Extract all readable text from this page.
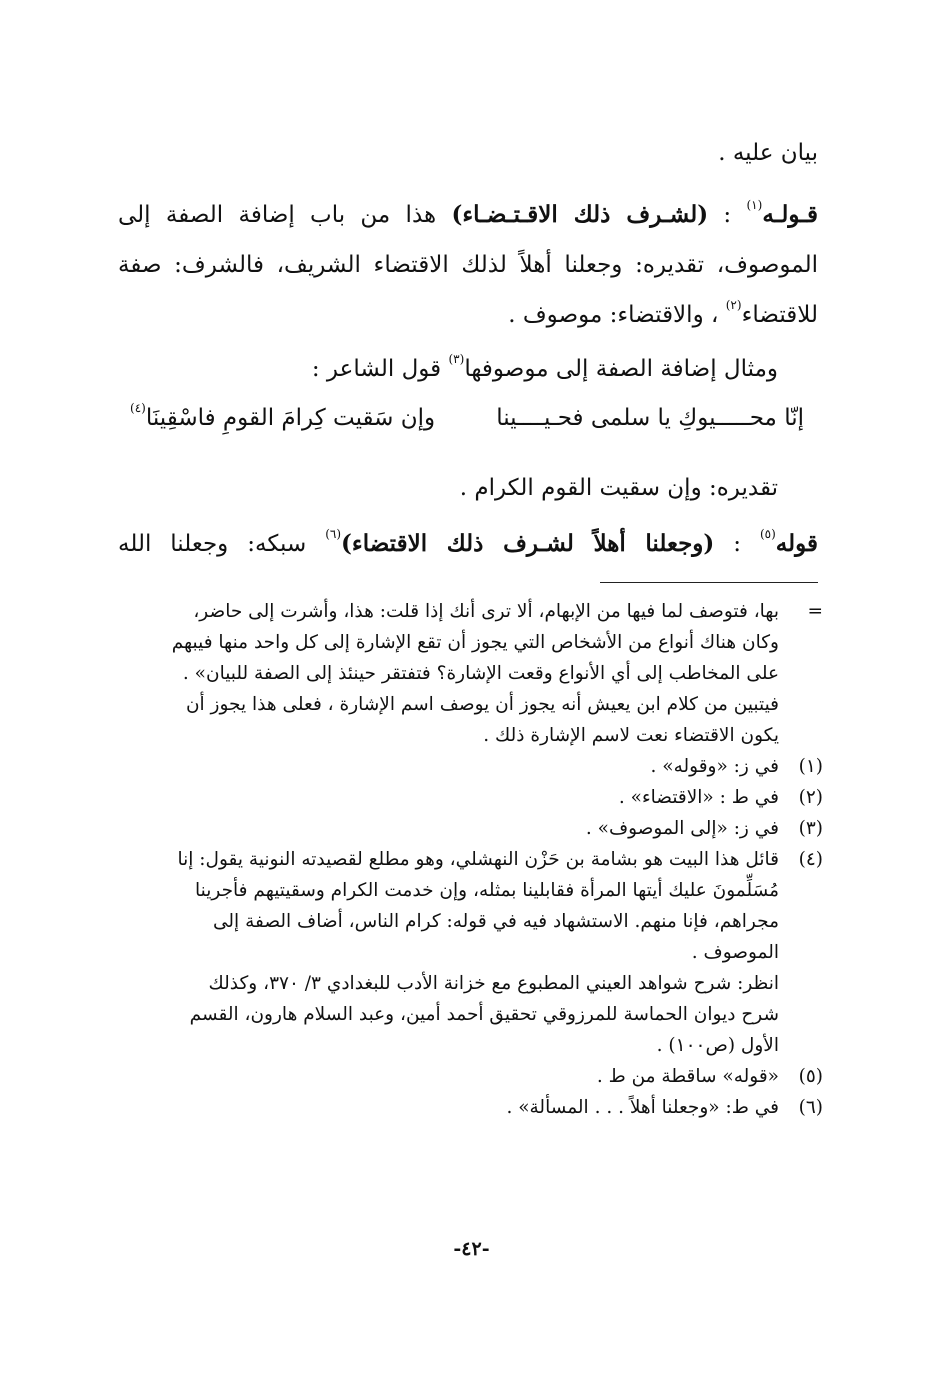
بيان عليه .
قـولـه$^{(١)}$ : (لشـرف ذلك الاقـتـضـاء) هذا من باب إضافة الصفة إلى
الموصوف، تقديره: وجعلنا أهلاً لذلك الاقتضاء الشريف، فالشرف: صفة
للاقتضاء$^{(٢)}$ ، والاقتضاء: موصوف .
ومثال إضافة الصفة إلى موصوفها$^{(٣)}$ قول الشاعر :
إنّا محـــــيوكِ يا سلمى فحـيــــينا
وإن سَقيت كِرامَ القومِ فاسْقِينَا$^{(٤)}$
تقديره: وإن سقيت القوم الكرام .
قوله$^{(٥)}$ : (وجعلنا أهلاً لشـرف ذلك الاقتضاء)$^{(٦)}$ سبكه: وجعلنا الله
=
بها، فتوصف لما فيها من الإبهام، ألا ترى أنك إذا قلت: هذا، وأشرت إلى حاضر،
وكان هناك أنواع من الأشخاص التي يجوز أن تقع الإشارة إلى كل واحد منها فيبهم
على المخاطب إلى أي الأنواع وقعت الإشارة؟ فتفتقر حينئذ إلى الصفة للبيان» .
فيتبين من كلام ابن يعيش أنه يجوز أن يوصف اسم الإشارة ، فعلى هذا يجوز أن
يكون الاقتضاء نعت لاسم الإشارة ذلك .
(١)
في ز: «وقوله» .
(٢)
في ط : «الاقتضاء» .
(٣)
في ز: «إلى الموصوف» .
(٤)
قائل هذا البيت هو بشامة بن حَزْن النهشلي، وهو مطلع لقصيدته النونية يقول: إنا
مُسَلِّمونَ عليك أيتها المرأة فقابلينا بمثله، وإن خدمت الكرام وسقيتيهم فأجرينا
مجراهم، فإنا منهم. الاستشهاد فيه في قوله: كرام الناس، أضاف الصفة إلى
الموصوف .
انظر: شرح شواهد العيني المطبوع مع خزانة الأدب للبغدادي ٣/ ٣٧٠، وكذلك
شرح ديوان الحماسة للمرزوقي تحقيق أحمد أمين، وعبد السلام هارون، القسم
الأول (ص١٠٠) .
(٥)
«قوله» ساقطة من ط .
(٦)
في ط: «وجعلنا أهلاً . . . المسألة» .
-٤٢-
